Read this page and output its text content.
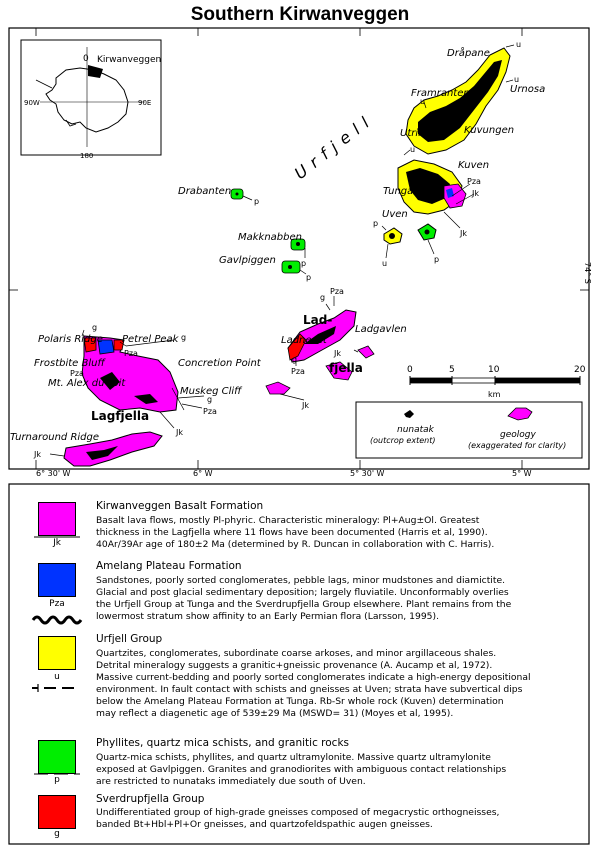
Southern Kirwanveggen
0 Kirwanveggen
90W	90E
180	Urfjell
Dråpane
Urnosa
Framranten
Utrinden Kuvungen
Kuven
Tunga
Uven
Drabanten
Makknabben
Gavlpiggen
Ladneset
Ladgavlen
Polaris Ridge Petrel Peak
Frostbite Bluff	Concretion Point
Mt. Alex du Toit
Muskeg Cliff
Turnaround Ridge
Lad-
fjella
Lagfjella
u
u
u	u
u
u
Pza
Jk
Jk
p
u	p
p
p
p
g
Pza
g
Pza
Jk
Jk
g
g
Pza
Pza
g
Pza
Jk
Jk
74° S
6° 30' W	6° W	5° 30' W	5° W
0	5	10	20
km
nunatak
(outcrop extent)
geology
(exaggerated for clarity)
Jk
Kirwanveggen Basalt Formation
Basalt lava flows, mostly Pl-phyric. Characteristic mineralogy: Pl+Aug±Ol. Greatest
thickness in the Lagfjella where 11 flows have been documented (Harris et al, 1990).
40Ar/39Ar age of 180±2 Ma (determined by R. Duncan in collaboration with C. Harris).
Pza
Amelang Plateau Formation
Sandstones, poorly sorted conglomerates, pebble lags, minor mudstones and diamictite.
Glacial and post glacial sedimentary deposition; largely fluviatile. Unconformably overlies
the Urfjell Group at Tunga and the Sverdrupfjella Group elsewhere. Plant remains from the
lowermost stratum show affinity to an Early Permian flora (Larsson, 1995).
u
Urfjell Group
Quartzites, conglomerates, subordinate coarse arkoses, and minor argillaceous shales.
Detrital mineralogy suggests a granitic+gneissic provenance (A. Aucamp et al, 1972).
Massive current-bedding and poorly sorted conglomerates indicate a high-energy depositional
environment. In fault contact with schists and gneisses at Uven; strata have subvertical dips
below the Amelang Plateau Formation at Tunga. Rb-Sr whole rock (Kuven) determination
may reflect a diagenetic age of 539±29 Ma (MSWD= 31) (Moyes et al, 1995).
p
Phyllites, quartz mica schists, and granitic rocks
Quartz-mica schists, phyllites, and quartz ultramylonite. Massive quartz ultramylonite
exposed at Gavlpiggen. Granites and granodiorites with ambiguous contact relationships
are restricted to nunataks immediately due south of Uven.
g
Sverdrupfjella Group
Undifferentiated group of high-grade gneisses composed of megacrystic orthogneisses,
banded Bt+Hbl+Pl+Or gneisses, and quartzofeldspathic augen gneisses.
